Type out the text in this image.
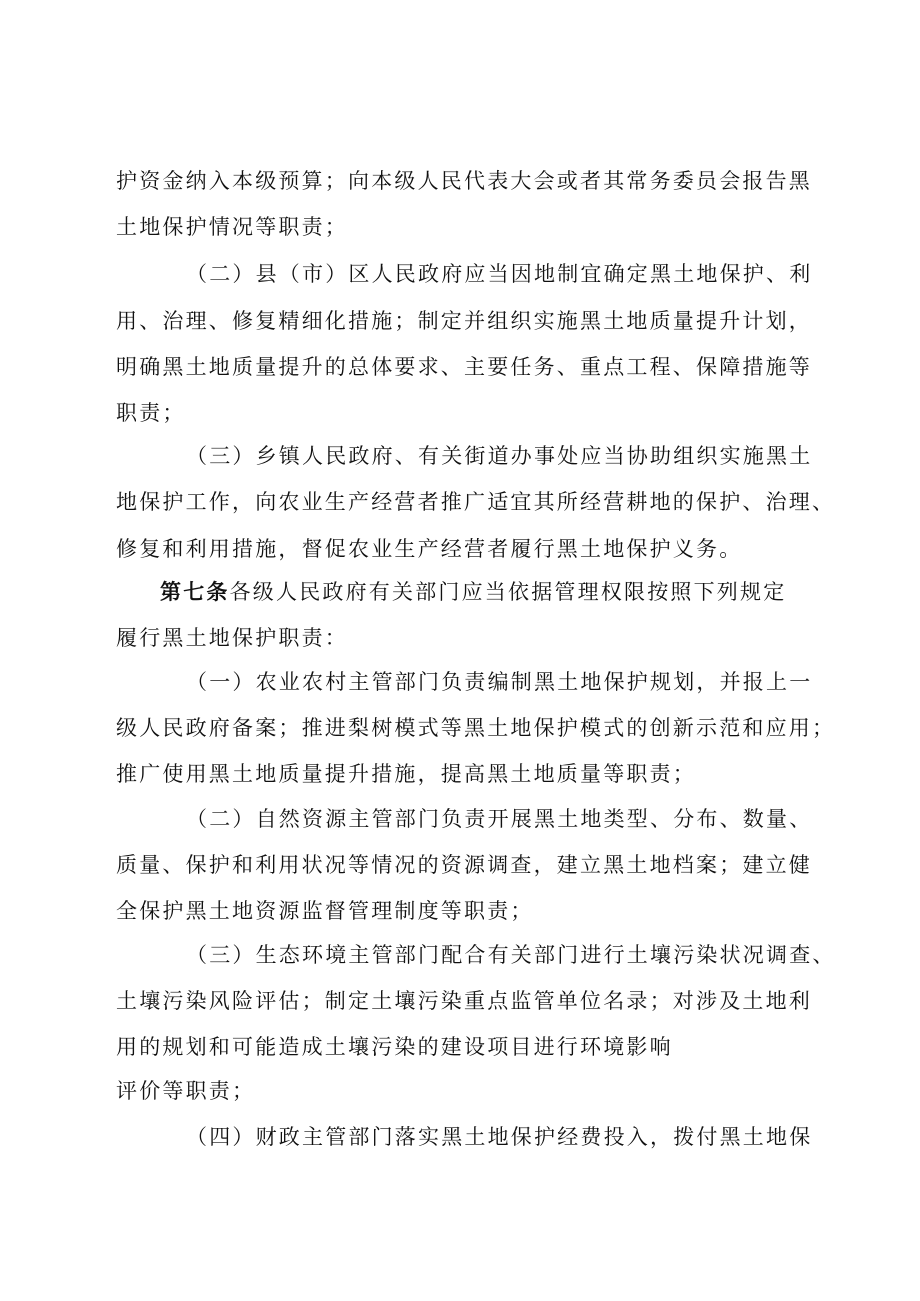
护资金纳入本级预算；向本级人民代表大会或者其常务委员会报告黑
土地保护情况等职责；
（二）县（市）区人民政府应当因地制宜确定黑土地保护、利
用、治理、修复精细化措施；制定并组织实施黑土地质量提升计划，
明确黑土地质量提升的总体要求、主要任务、重点工程、保障措施等
职责；
（三）乡镇人民政府、有关街道办事处应当协助组织实施黑土
地保护工作，向农业生产经营者推广适宜其所经营耕地的保护、治理、
修复和利用措施，督促农业生产经营者履行黑土地保护义务。
第七条各级人民政府有关部门应当依据管理权限按照下列规定
履行黑土地保护职责：
（一）农业农村主管部门负责编制黑土地保护规划，并报上一
级人民政府备案；推进梨树模式等黑土地保护模式的创新示范和应用；
推广使用黑土地质量提升措施，提高黑土地质量等职责；
（二）自然资源主管部门负责开展黑土地类型、分布、数量、
质量、保护和利用状况等情况的资源调查，建立黑土地档案；建立健
全保护黑土地资源监督管理制度等职责；
（三）生态环境主管部门配合有关部门进行土壤污染状况调查、
土壤污染风险评估；制定土壤污染重点监管单位名录；对涉及土地利
用的规划和可能造成土壤污染的建设项目进行环境影响
评价等职责；
（四）财政主管部门落实黑土地保护经费投入，拨付黑土地保
